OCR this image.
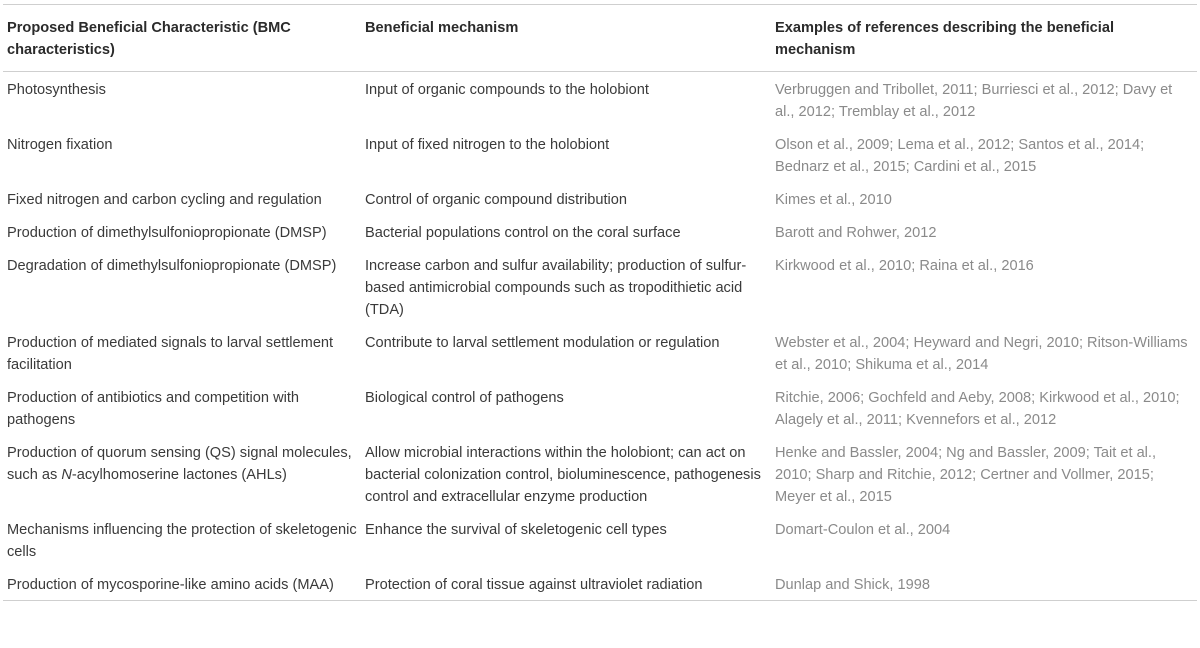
Proposed Beneficial Characteristic (BMC characteristics)	Beneficial mechanism	Examples of references describing the beneficial mechanism
Photosynthesis	Input of organic compounds to the holobiont	Verbruggen and Tribollet, 2011; Burriesci et al., 2012; Davy et al., 2012; Tremblay et al., 2012
Nitrogen fixation	Input of fixed nitrogen to the holobiont	Olson et al., 2009; Lema et al., 2012; Santos et al., 2014; Bednarz et al., 2015; Cardini et al., 2015
Fixed nitrogen and carbon cycling and regulation	Control of organic compound distribution	Kimes et al., 2010
Production of dimethylsulfoniopropionate (DMSP)	Bacterial populations control on the coral surface	Barott and Rohwer, 2012
Degradation of dimethylsulfoniopropionate (DMSP)	Increase carbon and sulfur availability; production of sulfur-based antimicrobial compounds such as tropodithietic acid (TDA)	Kirkwood et al., 2010; Raina et al., 2016
Production of mediated signals to larval settlement facilitation	Contribute to larval settlement modulation or regulation	Webster et al., 2004; Heyward and Negri, 2010; Ritson-Williams et al., 2010; Shikuma et al., 2014
Production of antibiotics and competition with pathogens	Biological control of pathogens	Ritchie, 2006; Gochfeld and Aeby, 2008; Kirkwood et al., 2010; Alagely et al., 2011; Kvennefors et al., 2012
Production of quorum sensing (QS) signal molecules, such as N-acylhomoserine lactones (AHLs)	Allow microbial interactions within the holobiont; can act on bacterial colonization control, bioluminescence, pathogenesis control and extracellular enzyme production	Henke and Bassler, 2004; Ng and Bassler, 2009; Tait et al., 2010; Sharp and Ritchie, 2012; Certner and Vollmer, 2015; Meyer et al., 2015
Mechanisms influencing the protection of skeletogenic cells	Enhance the survival of skeletogenic cell types	Domart-Coulon et al., 2004
Production of mycosporine-like amino acids (MAA)	Protection of coral tissue against ultraviolet radiation	Dunlap and Shick, 1998
